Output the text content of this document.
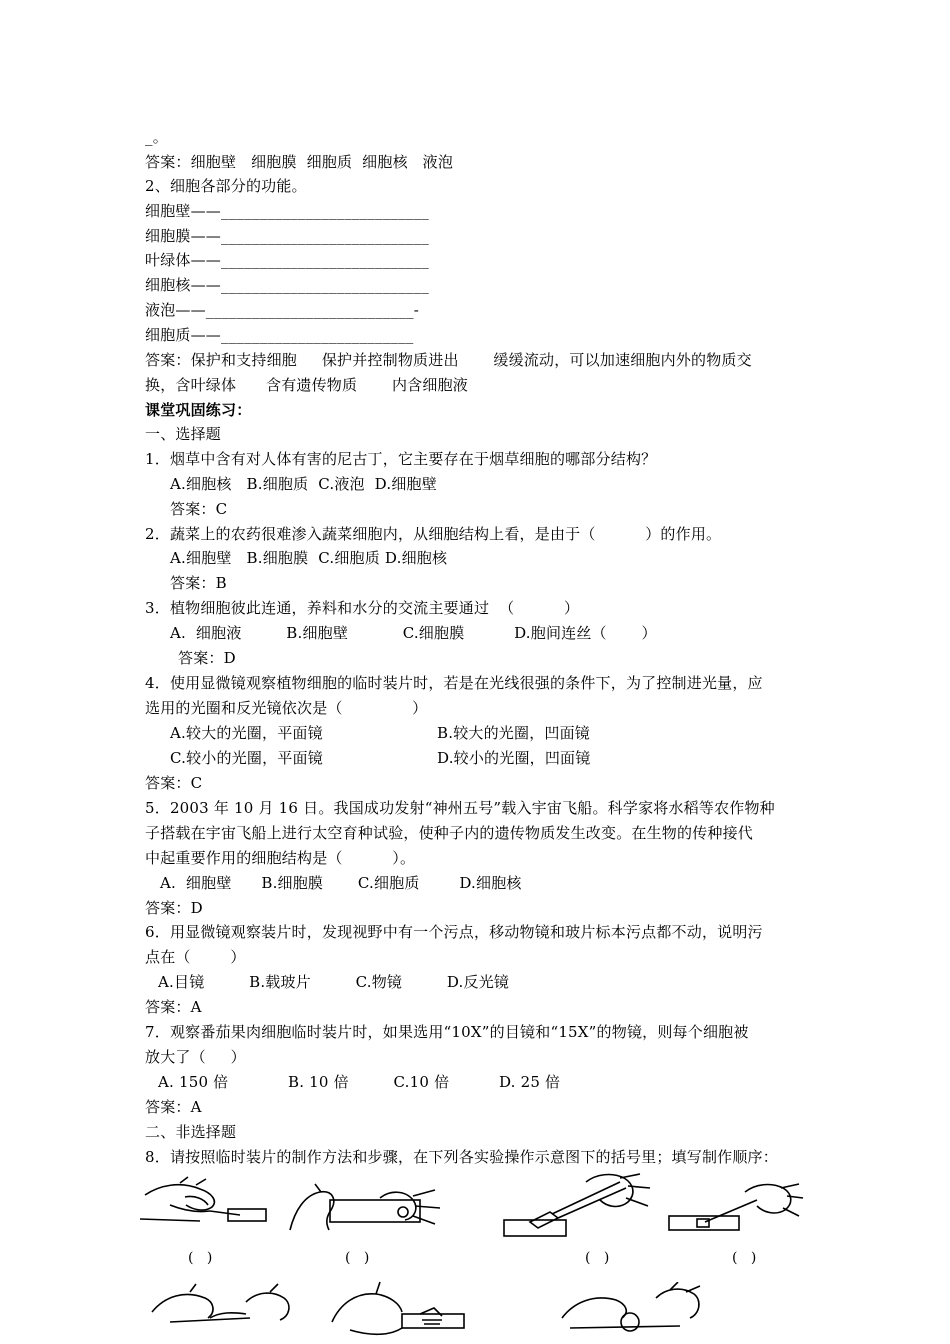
_。
答案：细胞壁   细胞膜  细胞质  细胞核   液泡
2、细胞各部分的功能。
细胞壁——___________________________
细胞膜——___________________________
叶绿体——___________________________
细胞核——___________________________
液泡——___________________________-
细胞质——_________________________
答案：保护和支持细胞     保护并控制物质进出       缓缓流动，可以加速细胞内外的物质交
换，含叶绿体      含有遗传物质       内含细胞液
课堂巩固练习：
一、选择题
1．烟草中含有对人体有害的尼古丁，它主要存在于烟草细胞的哪部分结构？
A.细胞核   B.细胞质  C.液泡  D.细胞壁
答案：C
2．蔬菜上的农药很难渗入蔬菜细胞内，从细胞结构上看，是由于（          ）的作用。
A.细胞壁   B.细胞膜  C.细胞质 D.细胞核
答案：B
3．植物细胞彼此连通，养料和水分的交流主要通过  （          ）
A.  细胞液         B.细胞壁           C.细胞膜          D.胞间连丝（       ）
答案：D
4．使用显微镜观察植物细胞的临时装片时，若是在光线很强的条件下，为了控制进光量，应
选用的光圈和反光镜依次是（              ）
A.较大的光圈，平面镜	B.较大的光圈，凹面镜
C.较小的光圈，平面镜	D.较小的光圈，凹面镜
答案：C
5．2003 年 10 月 16 日。我国成功发射“神州五号”载入宇宙飞船。科学家将水稻等农作物种
子搭载在宇宙飞船上进行太空育种试验，使种子内的遗传物质发生改变。在生物的传种接代
中起重要作用的细胞结构是（          ）。
A.  细胞壁      B.细胞膜       C.细胞质        D.细胞核
答案：D
6．用显微镜观察装片时，发现视野中有一个污点，移动物镜和玻片标本污点都不动，说明污
点在（        ）
A.目镜         B.载玻片         C.物镜         D.反光镜
答案：A
7．观察番茄果肉细胞临时装片时，如果选用“10X”的目镜和“15X”的物镜，则每个细胞被
放大了（     ）
A. 150 倍            B. 10 倍         C.10 倍          D. 25 倍
答案：A
二、非选择题
8．请按照临时装片的制作方法和步骤，在下列各实验操作示意图下的括号里；填写制作顺序：
(   )	(   )	(   )	(   )
